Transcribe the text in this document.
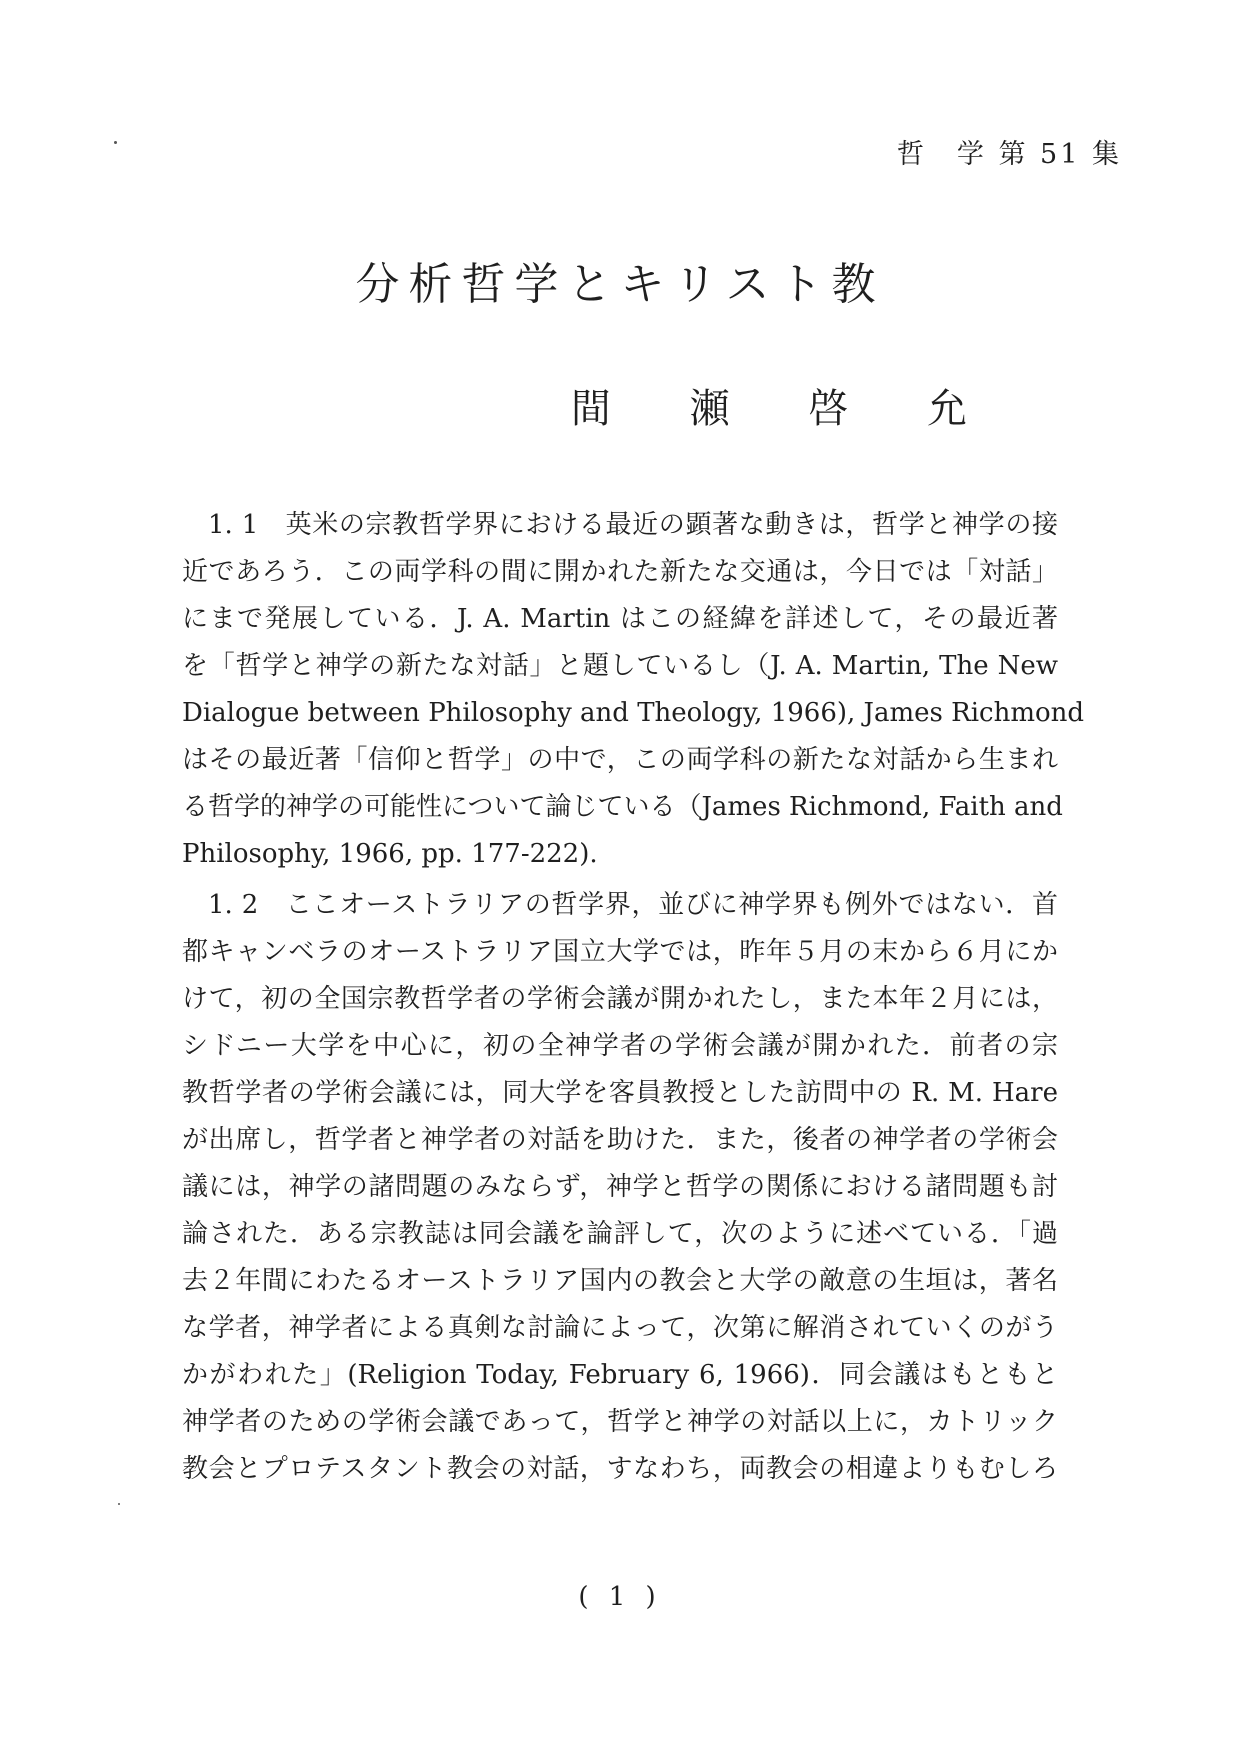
哲　学 第 51 集
分析哲学とキリスト教
間 瀬 啓 允
1. 1　英米の宗教哲学界における最近の顕著な動きは，哲学と神学の接
近であろう．この両学科の間に開かれた新たな交通は，今日では「対話」
にまで発展している．J. A. Martin はこの経緯を詳述して，その最近著
を「哲学と神学の新たな対話」と題しているし（J. A. Martin, The New
Dialogue between Philosophy and Theology, 1966), James Richmond
はその最近著「信仰と哲学」の中で，この両学科の新たな対話から生まれ
る哲学的神学の可能性について論じている（James Richmond, Faith and
Philosophy, 1966, pp. 177-222).
1. 2　ここオーストラリアの哲学界，並びに神学界も例外ではない．首
都キャンベラのオーストラリア国立大学では，昨年５月の末から６月にか
けて，初の全国宗教哲学者の学術会議が開かれたし，また本年２月には，
シドニー大学を中心に，初の全神学者の学術会議が開かれた．前者の宗
教哲学者の学術会議には，同大学を客員教授とした訪問中の R. M. Hare
が出席し，哲学者と神学者の対話を助けた．また，後者の神学者の学術会
議には，神学の諸問題のみならず，神学と哲学の関係における諸問題も討
論された．ある宗教誌は同会議を論評して，次のように述べている．「過
去２年間にわたるオーストラリア国内の教会と大学の敵意の生垣は，著名
な学者，神学者による真剣な討論によって，次第に解消されていくのがう
かがわれた」(Religion Today, February 6, 1966)．同会議はもともと
神学者のための学術会議であって，哲学と神学の対話以上に，カトリック
教会とプロテスタント教会の対話，すなわち，両教会の相違よりもむしろ
( 1 )
